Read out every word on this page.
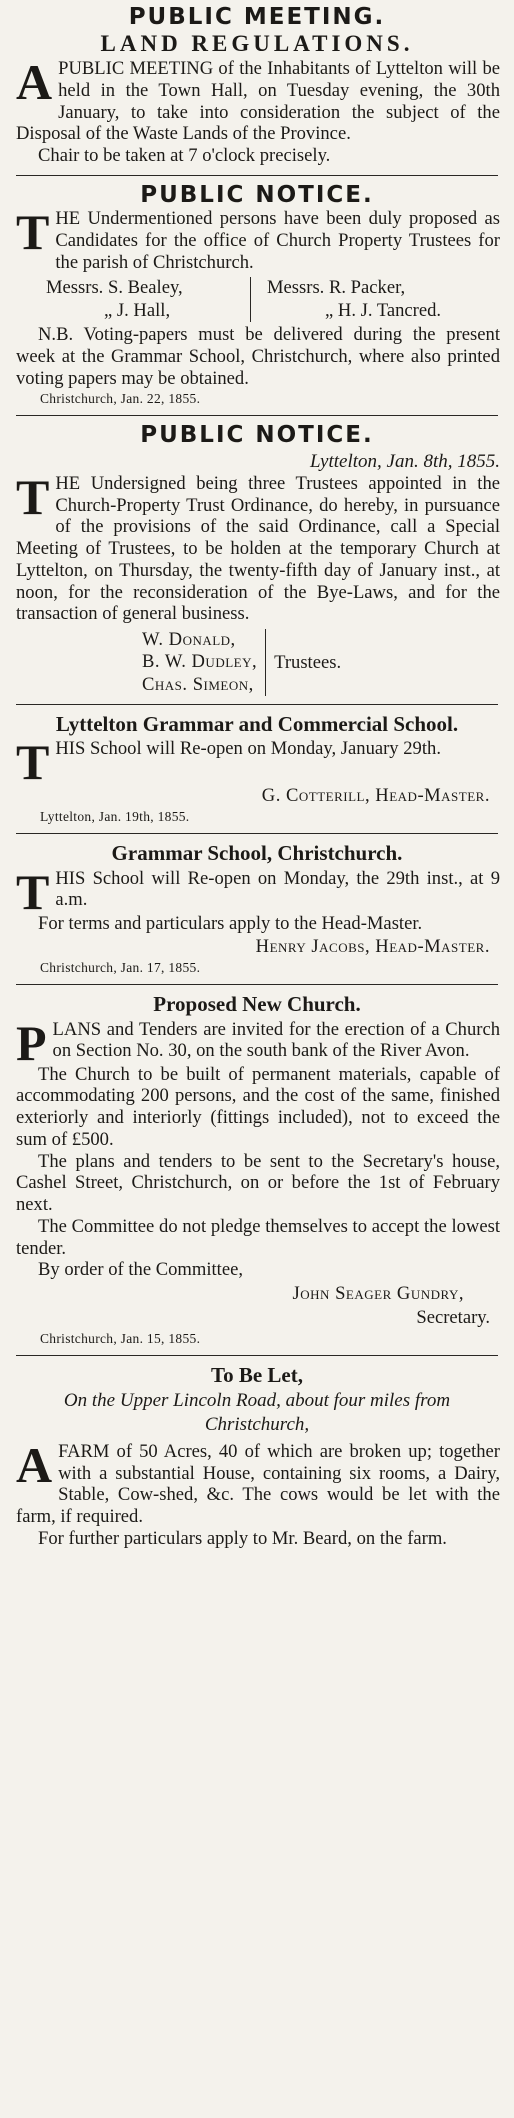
PUBLIC MEETING.
LAND REGULATIONS.

APUBLIC MEETING of the Inhabitants of Lyttelton will be held in the Town Hall, on Tuesday evening, the 30th January, to take into consideration the subject of the Disposal of the Waste Lands of the Province.

Chair to be taken at 7 o'clock precisely.

PUBLIC NOTICE.

THE Undermentioned persons have been duly proposed as Candidates for the office of Church Property Trustees for the parish of Christchurch.

Messrs. S. Bealey,
„ J. Hall,
Messrs. R. Packer,
„ H. J. Tancred.

N.B. Voting-papers must be delivered during the present week at the Grammar School, Christchurch, where also printed voting papers may be obtained.

Christchurch, Jan. 22, 1855.
PUBLIC NOTICE.

Lyttelton, Jan. 8th, 1855.

THE Undersigned being three Trustees appointed in the Church-Property Trust Ordinance, do hereby, in pursuance of the provisions of the said Ordinance, call a Special Meeting of Trustees, to be holden at the temporary Church at Lyttelton, on Thursday, the twenty-fifth day of January inst., at noon, for the reconsideration of the Bye-Laws, and for the transaction of general business.

W. Donald,
B. W. Dudley,
Chas. Simeon,
Trustees.
Lyttelton Grammar and Commercial School.

THIS School will Re-open on Monday, January 29th.

G. Cotterill, Head-Master.
Lyttelton, Jan. 19th, 1855.
Grammar School, Christchurch.

THIS School will Re-open on Monday, the 29th inst., at 9 a.m.

For terms and particulars apply to the Head-Master.

Henry Jacobs, Head-Master.
Christchurch, Jan. 17, 1855.
Proposed New Church.

PLANS and Tenders are invited for the erection of a Church on Section No. 30, on the south bank of the River Avon.

The Church to be built of permanent materials, capable of accommodating 200 persons, and the cost of the same, finished exteriorly and interiorly (fittings included), not to exceed the sum of £500.

The plans and tenders to be sent to the Secretary's house, Cashel Street, Christchurch, on or before the 1st of February next.

The Committee do not pledge themselves to accept the lowest tender.

By order of the Committee,

John Seager Gundry,
Secretary.
Christchurch, Jan. 15, 1855.
To Be Let,

On the Upper Lincoln Road, about four miles from Christchurch,

AFARM of 50 Acres, 40 of which are broken up; together with a substantial House, containing six rooms, a Dairy, Stable, Cow-shed, &c. The cows would be let with the farm, if required.

For further particulars apply to Mr. Beard, on the farm.
